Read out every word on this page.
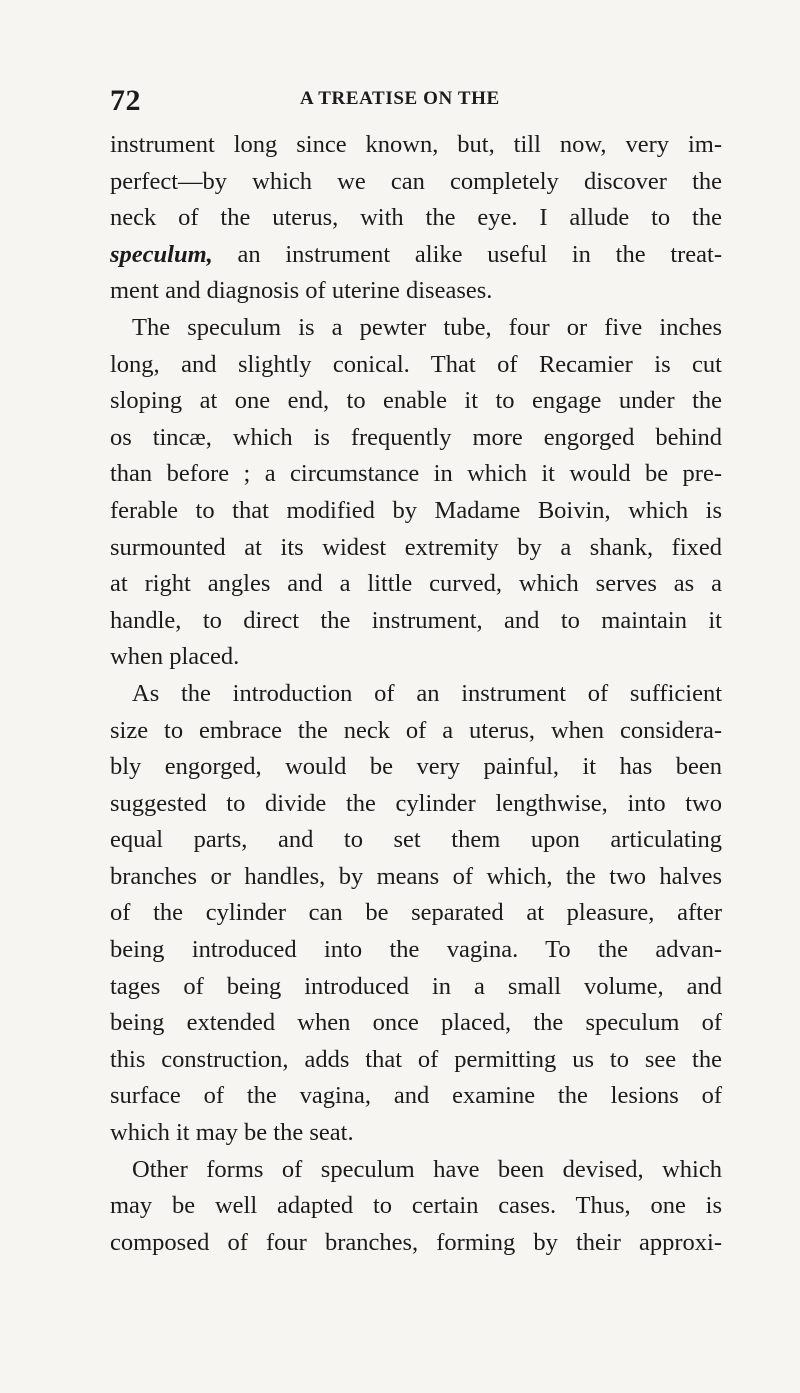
72	A TREATISE ON THE
instrument long since known, but, till now, very im-
perfect—by which we can completely discover the
neck of the uterus, with the eye. I allude to the
speculum, an instrument alike useful in the treat-
ment and diagnosis of uterine diseases.
The speculum is a pewter tube, four or five inches
long, and slightly conical. That of Recamier is cut
sloping at one end, to enable it to engage under the
os tincæ, which is frequently more engorged behind
than before ; a circumstance in which it would be pre-
ferable to that modified by Madame Boivin, which is
surmounted at its widest extremity by a shank, fixed
at right angles and a little curved, which serves as a
handle, to direct the instrument, and to maintain it
when placed.
As the introduction of an instrument of sufficient
size to embrace the neck of a uterus, when considera-
bly engorged, would be very painful, it has been
suggested to divide the cylinder lengthwise, into two
equal parts, and to set them upon articulating
branches or handles, by means of which, the two halves
of the cylinder can be separated at pleasure, after
being introduced into the vagina. To the advan-
tages of being introduced in a small volume, and
being extended when once placed, the speculum of
this construction, adds that of permitting us to see the
surface of the vagina, and examine the lesions of
which it may be the seat.
Other forms of speculum have been devised, which
may be well adapted to certain cases. Thus, one is
composed of four branches, forming by their approxi-
